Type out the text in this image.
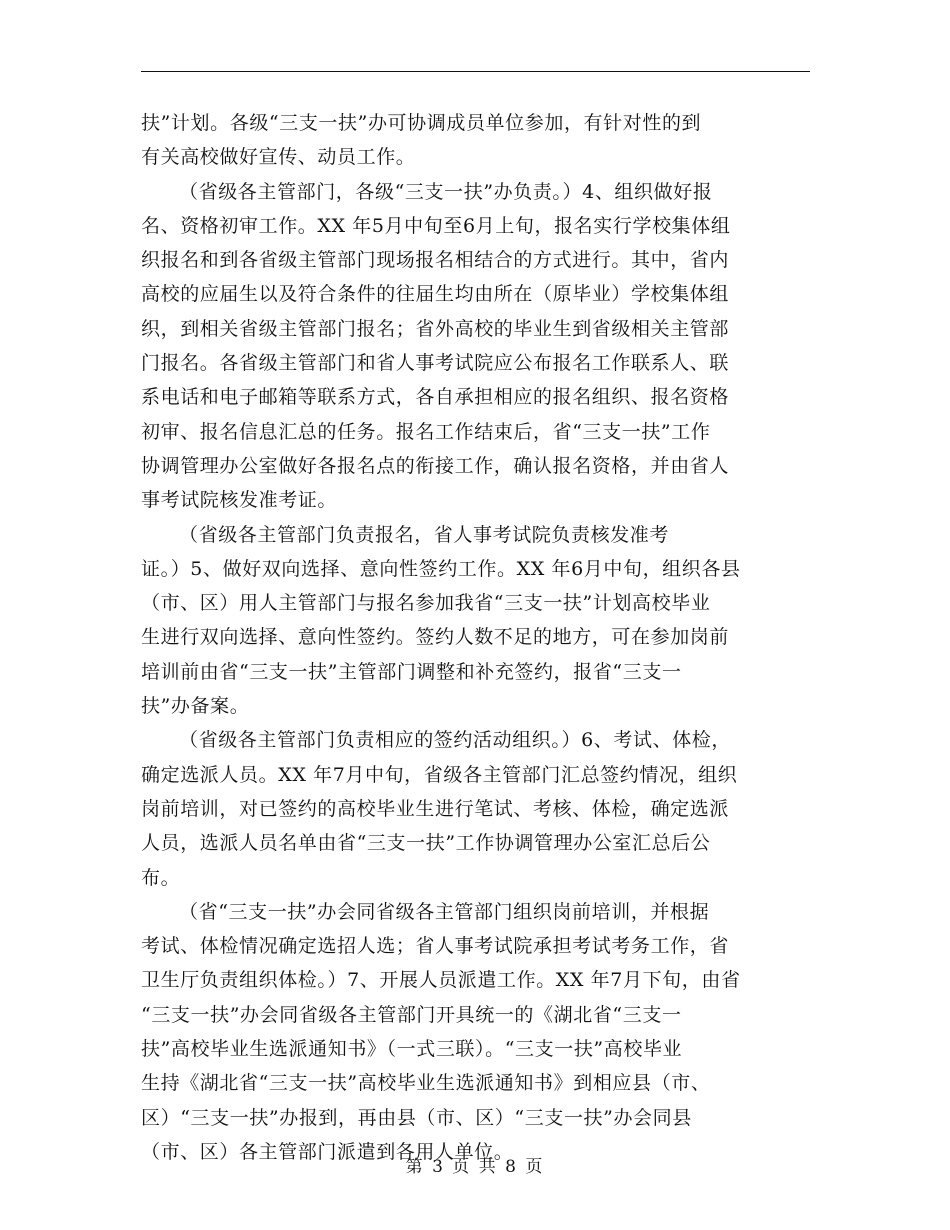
扶”计划。各级“三支一扶”办可协调成员单位参加，有针对性的到
有关高校做好宣传、动员工作。
（省级各主管部门，各级“三支一扶”办负责。）4、组织做好报
名、资格初审工作。XX 年5月中旬至6月上旬，报名实行学校集体组
织报名和到各省级主管部门现场报名相结合的方式进行。其中，省内
高校的应届生以及符合条件的往届生均由所在（原毕业）学校集体组
织，到相关省级主管部门报名；省外高校的毕业生到省级相关主管部
门报名。各省级主管部门和省人事考试院应公布报名工作联系人、联
系电话和电子邮箱等联系方式，各自承担相应的报名组织、报名资格
初审、报名信息汇总的任务。报名工作结束后，省“三支一扶”工作
协调管理办公室做好各报名点的衔接工作，确认报名资格，并由省人
事考试院核发准考证。
（省级各主管部门负责报名，省人事考试院负责核发准考
证。）5、做好双向选择、意向性签约工作。XX 年6月中旬，组织各县
（市、区）用人主管部门与报名参加我省“三支一扶”计划高校毕业
生进行双向选择、意向性签约。签约人数不足的地方，可在参加岗前
培训前由省“三支一扶”主管部门调整和补充签约，报省“三支一
扶”办备案。
（省级各主管部门负责相应的签约活动组织。）6、考试、体检，
确定选派人员。XX 年7月中旬，省级各主管部门汇总签约情况，组织
岗前培训，对已签约的高校毕业生进行笔试、考核、体检，确定选派
人员，选派人员名单由省“三支一扶”工作协调管理办公室汇总后公
布。
（省“三支一扶”办会同省级各主管部门组织岗前培训，并根据
考试、体检情况确定选招人选；省人事考试院承担考试考务工作，省
卫生厅负责组织体检。）7、开展人员派遣工作。XX 年7月下旬，由省
“三支一扶”办会同省级各主管部门开具统一的《湖北省“三支一
扶”高校毕业生选派通知书》（一式三联）。“三支一扶”高校毕业
生持《湖北省“三支一扶”高校毕业生选派通知书》到相应县（市、
区）“三支一扶”办报到，再由县（市、区）“三支一扶”办会同县
（市、区）各主管部门派遣到各用人单位。
第 3 页 共 8 页
